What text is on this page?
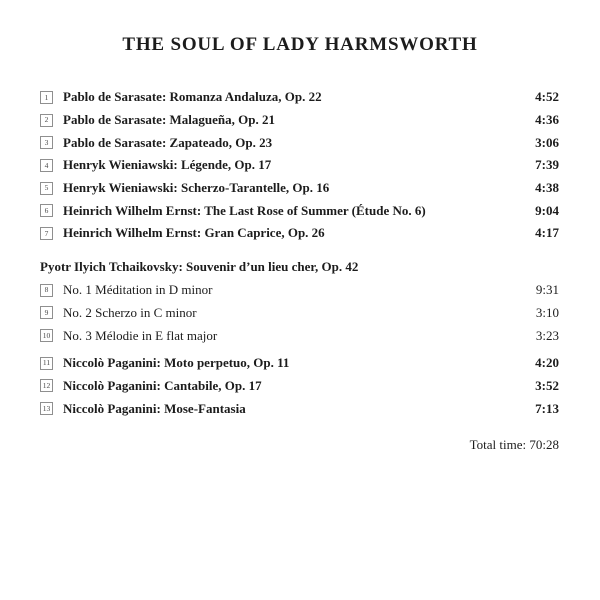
THE SOUL OF LADY HARMSWORTH
1 Pablo de Sarasate: Romanza Andaluza, Op. 22	4:52
2 Pablo de Sarasate: Malagueña, Op. 21	4:36
3 Pablo de Sarasate: Zapateado, Op. 23	3:06
4 Henryk Wieniawski: Légende, Op. 17	7:39
5 Henryk Wieniawski: Scherzo-Tarantelle, Op. 16	4:38
6 Heinrich Wilhelm Ernst: The Last Rose of Summer (Étude No. 6)	9:04
7 Heinrich Wilhelm Ernst: Gran Caprice, Op. 26	4:17
Pyotr Ilyich Tchaikovsky: Souvenir d’un lieu cher, Op. 42
8 No. 1 Méditation in D minor	9:31
9 No. 2 Scherzo in C minor	3:10
10 No. 3 Mélodie in E flat major	3:23
11 Niccolò Paganini: Moto perpetuo, Op. 11	4:20
12 Niccolò Paganini: Cantabile, Op. 17	3:52
13 Niccolò Paganini: Mose-Fantasia	7:13
Total time: 70:28
